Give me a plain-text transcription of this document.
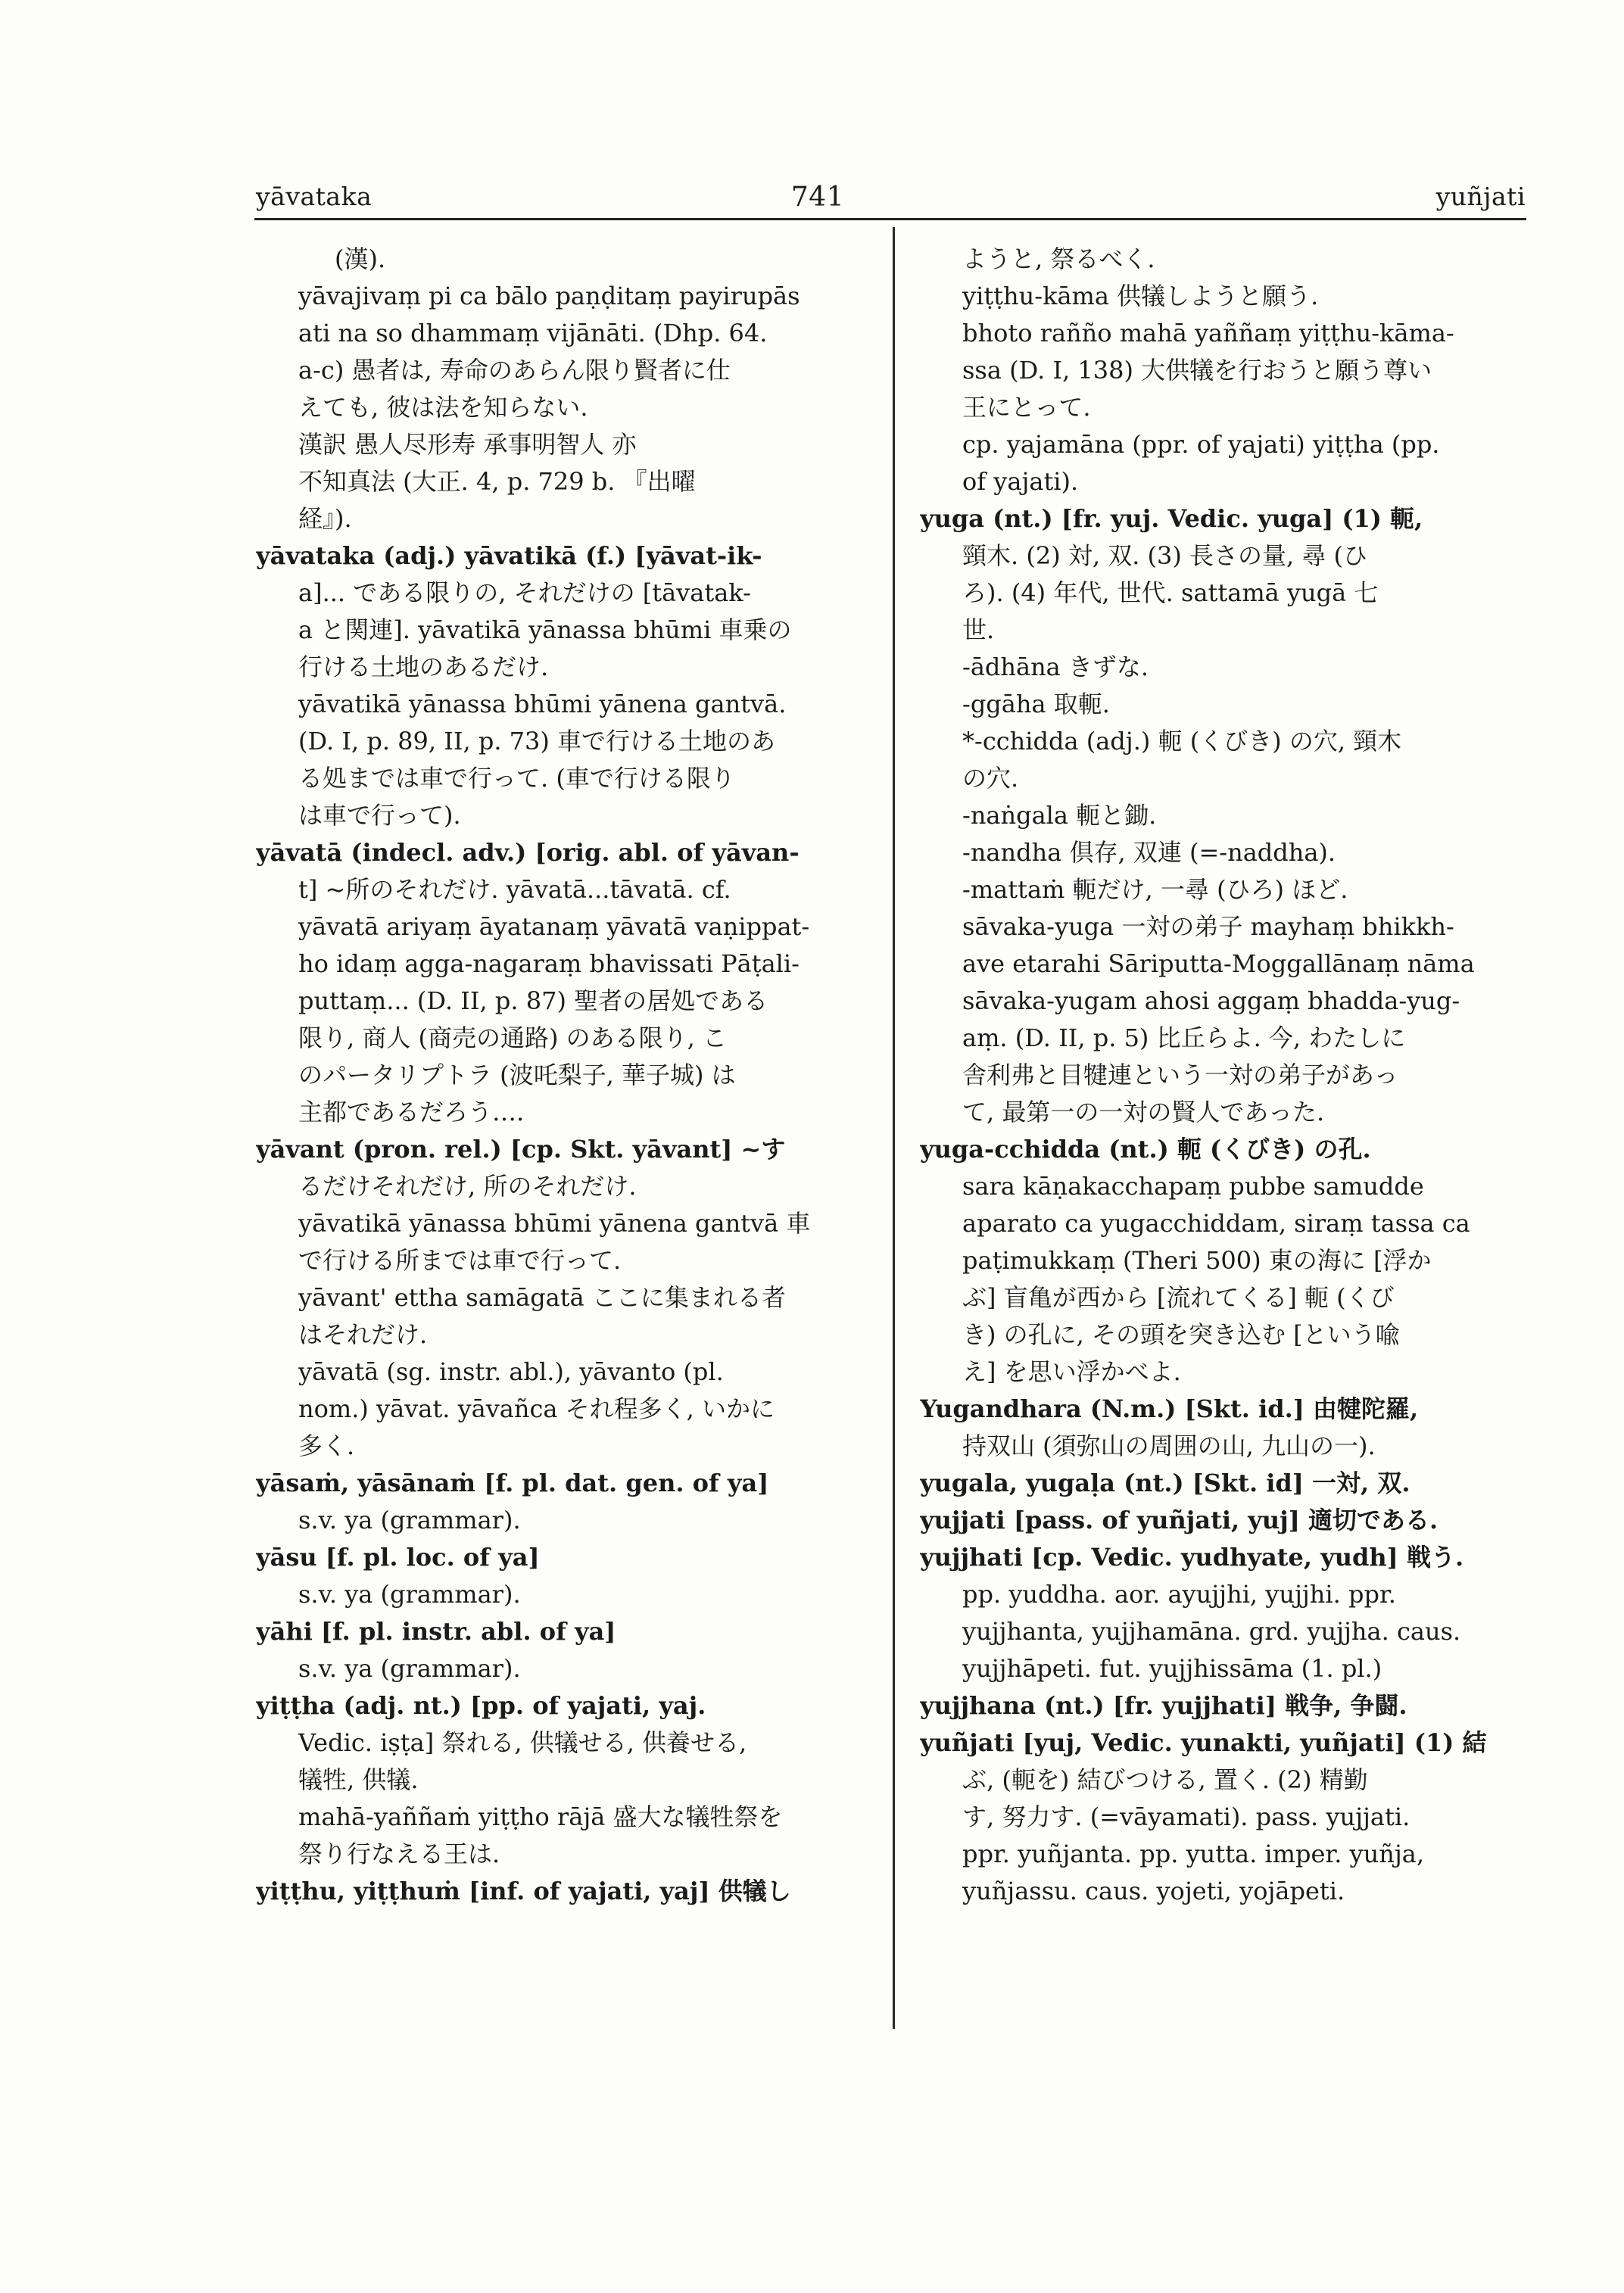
yāvataka	741	yuñjati
(漢).
yāvajivaṃ pi ca bālo paṇḍitaṃ payirupās
ati na so dhammaṃ vijānāti. (Dhp. 64.
a-c) 愚者は, 寿命のあらん限り賢者に仕
えても, 彼は法を知らない.
漢訳 愚人尽形寿 承事明智人 亦
不知真法 (大正. 4, p. 729 b. 『出曜
経』).
yāvataka (adj.) yāvatikā (f.) [yāvat-ik-
a]... である限りの, それだけの [tāvatak-
a と関連]. yāvatikā yānassa bhūmi 車乗の
行ける土地のあるだけ.
yāvatikā yānassa bhūmi yānena gantvā.
(D. I, p. 89, II, p. 73) 車で行ける土地のあ
る処までは車で行って. (車で行ける限り
は車で行って).
yāvatā (indecl. adv.) [orig. abl. of yāvan-
t] ~所のそれだけ. yāvatā...tāvatā. cf.
yāvatā ariyaṃ āyatanaṃ yāvatā vaṇippat-
ho idaṃ agga-nagaraṃ bhavissati Pāṭali-
puttaṃ... (D. II, p. 87) 聖者の居処である
限り, 商人 (商売の通路) のある限り, こ
のパータリプトラ (波吒梨子, 華子城) は
主都であるだろう….
yāvant (pron. rel.) [cp. Skt. yāvant] ~す
るだけそれだけ, 所のそれだけ.
yāvatikā yānassa bhūmi yānena gantvā 車
で行ける所までは車で行って.
yāvant' ettha samāgatā ここに集まれる者
はそれだけ.
yāvatā (sg. instr. abl.), yāvanto (pl.
nom.) yāvat. yāvañca それ程多く, いかに
多く.
yāsaṁ, yāsānaṁ [f. pl. dat. gen. of ya]
s.v. ya (grammar).
yāsu [f. pl. loc. of ya]
s.v. ya (grammar).
yāhi [f. pl. instr. abl. of ya]
s.v. ya (grammar).
yiṭṭha (adj. nt.) [pp. of yajati, yaj.
Vedic. iṣṭa] 祭れる, 供犠せる, 供養せる,
犠牲, 供犠.
mahā-yaññaṁ yiṭṭho rājā 盛大な犠牲祭を
祭り行なえる王は.
yiṭṭhu, yiṭṭhuṁ [inf. of yajati, yaj] 供犠し
ようと, 祭るべく.
yiṭṭhu-kāma 供犠しようと願う.
bhoto rañño mahā yaññaṃ yiṭṭhu-kāma-
ssa (D. I, 138) 大供犠を行おうと願う尊い
王にとって.
cp. yajamāna (ppr. of yajati) yiṭṭha (pp.
of yajati).
yuga (nt.) [fr. yuj. Vedic. yuga] (1) 軛,
頸木. (2) 対, 双. (3) 長さの量, 尋 (ひ
ろ). (4) 年代, 世代. sattamā yugā 七
世.
-ādhāna きずな.
-ggāha 取軛.
*-cchidda (adj.) 軛 (くびき) の穴, 頸木
の穴.
-naṅgala 軛と鋤.
-nandha 倶存, 双連 (=-naddha).
-mattaṁ 軛だけ, 一尋 (ひろ) ほど.
sāvaka-yuga 一対の弟子 mayhaṃ bhikkh-
ave etarahi Sāriputta-Moggallānaṃ nāma
sāvaka-yugam ahosi aggaṃ bhadda-yug-
aṃ. (D. II, p. 5) 比丘らよ. 今, わたしに
舎利弗と目犍連という一対の弟子があっ
て, 最第一の一対の賢人であった.
yuga-cchidda (nt.) 軛 (くびき) の孔.
sara kāṇakacchapaṃ pubbe samudde
aparato ca yugacchiddam, siraṃ tassa ca
paṭimukkaṃ (Theri 500) 東の海に [浮か
ぶ] 盲亀が西から [流れてくる] 軛 (くび
き) の孔に, その頭を突き込む [という喩
え] を思い浮かべよ.
Yugandhara (N.m.) [Skt. id.] 由犍陀羅,
持双山 (須弥山の周囲の山, 九山の一).
yugala, yugaḷa (nt.) [Skt. id] 一対, 双.
yujjati [pass. of yuñjati, yuj] 適切である.
yujjhati [cp. Vedic. yudhyate, yudh] 戦う.
pp. yuddha. aor. ayujjhi, yujjhi. ppr.
yujjhanta, yujjhamāna. grd. yujjha. caus.
yujjhāpeti. fut. yujjhissāma (1. pl.)
yujjhana (nt.) [fr. yujjhati] 戦争, 争闘.
yuñjati [yuj, Vedic. yunakti, yuñjati] (1) 結
ぶ, (軛を) 結びつける, 置く. (2) 精勤
す, 努力す. (=vāyamati). pass. yujjati.
ppr. yuñjanta. pp. yutta. imper. yuñja,
yuñjassu. caus. yojeti, yojāpeti.
